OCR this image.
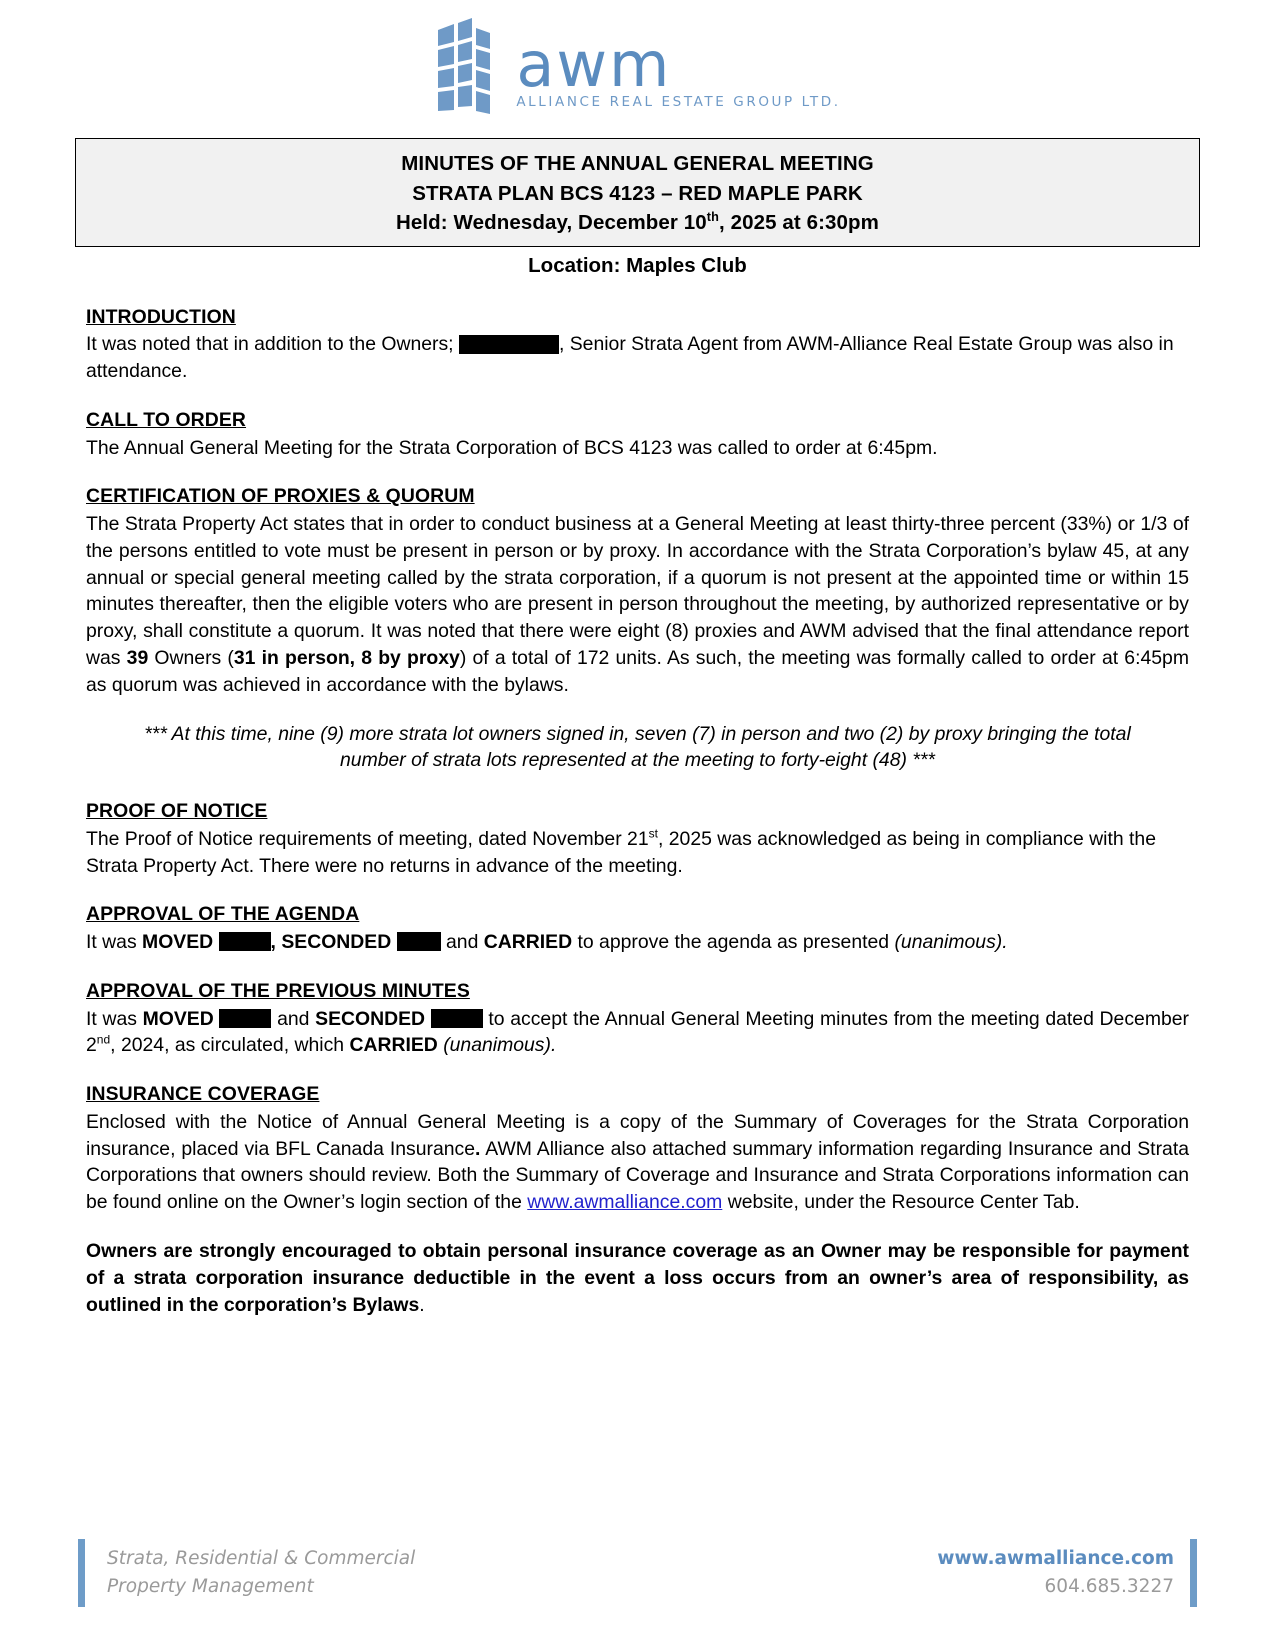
awm
ALLIANCE REAL ESTATE GROUP LTD.
MINUTES OF THE ANNUAL GENERAL MEETING
STRATA PLAN BCS 4123 – RED MAPLE PARK
Held: Wednesday, December 10th, 2025 at 6:30pm
Location: Maples Club
INTRODUCTION

It was noted that in addition to the Owners;	, Senior Strata Agent from AWM-Alliance Real Estate Group was also in attendance.

CALL TO ORDER

The Annual General Meeting for the Strata Corporation of BCS 4123 was called to order at 6:45pm.

CERTIFICATION OF PROXIES & QUORUM

The Strata Property Act states that in order to conduct business at a General Meeting at least thirty-three percent (33%) or 1/3 of the persons entitled to vote must be present in person or by proxy. In accordance with the Strata Corporation’s bylaw 45, at any annual or special general meeting called by the strata corporation, if a quorum is not present at the appointed time or within 15 minutes thereafter, then the eligible voters who are present in person throughout the meeting, by authorized representative or by proxy, shall constitute a quorum. It was noted that there were eight (8) proxies and AWM advised that the final attendance report was 39 Owners (31 in person, 8 by proxy) of a total of 172 units. As such, the meeting was formally called to order at 6:45pm as quorum was achieved in accordance with the bylaws.

*** At this time, nine (9) more strata lot owners signed in, seven (7) in person and two (2) by proxy bringing the total

number of strata lots represented at the meeting to forty-eight (48) ***

PROOF OF NOTICE

The Proof of Notice requirements of meeting, dated November 21st, 2025 was acknowledged as being in compliance with the Strata Property Act. There were no returns in advance of the meeting.

APPROVAL OF THE AGENDA

It was MOVED	, SECONDED	and CARRIED to approve the agenda as presented (unanimous).

APPROVAL OF THE PREVIOUS MINUTES

It was MOVED	and SECONDED	to accept the Annual General Meeting minutes from the meeting dated December 2nd, 2024, as circulated, which CARRIED (unanimous).

INSURANCE COVERAGE

Enclosed with the Notice of Annual General Meeting is a copy of the Summary of Coverages for the Strata Corporation insurance, placed via BFL Canada Insurance. AWM Alliance also attached summary information regarding Insurance and Strata Corporations that owners should review. Both the Summary of Coverage and Insurance and Strata Corporations information can be found online on the Owner’s login section of the www.awmalliance.com website, under the Resource Center Tab.

Owners are strongly encouraged to obtain personal insurance coverage as an Owner may be responsible for payment of a strata corporation insurance deductible in the event a loss occurs from an owner’s area of responsibility, as outlined in the corporation’s Bylaws.

Strata, Residential & Commercial
Property Management
www.awmalliance.com
604.685.3227
